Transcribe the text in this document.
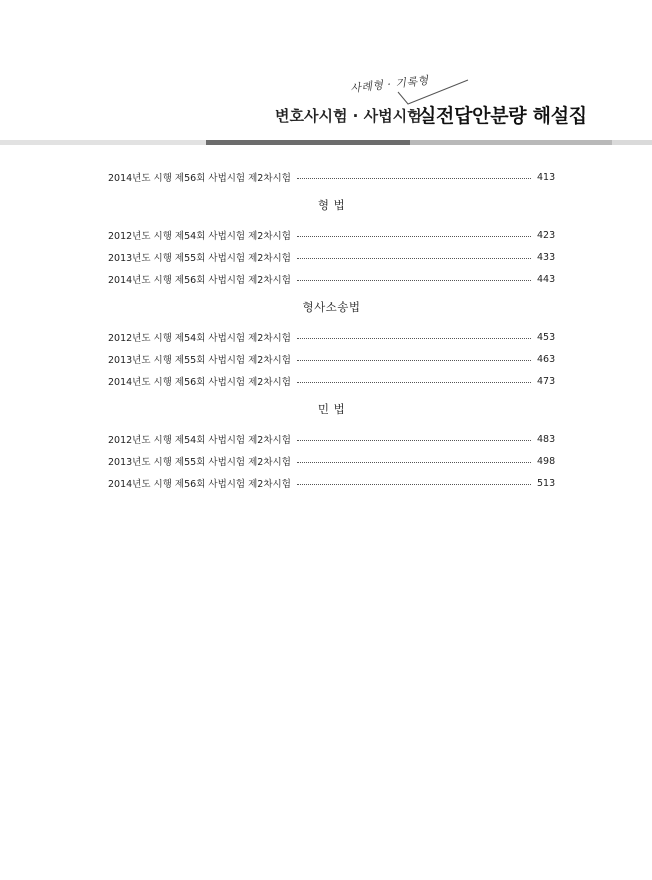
사례형 · 기록형
변호사시험 · 사법시험
실전답안분량 해설집
2014년도 시행 제56회 사법시험 제2차시험	413
형 법
2012년도 시행 제54회 사법시험 제2차시험	423
2013년도 시행 제55회 사법시험 제2차시험	433
2014년도 시행 제56회 사법시험 제2차시험	443
형사소송법
2012년도 시행 제54회 사법시험 제2차시험	453
2013년도 시행 제55회 사법시험 제2차시험	463
2014년도 시행 제56회 사법시험 제2차시험	473
민 법
2012년도 시행 제54회 사법시험 제2차시험	483
2013년도 시행 제55회 사법시험 제2차시험	498
2014년도 시행 제56회 사법시험 제2차시험	513
